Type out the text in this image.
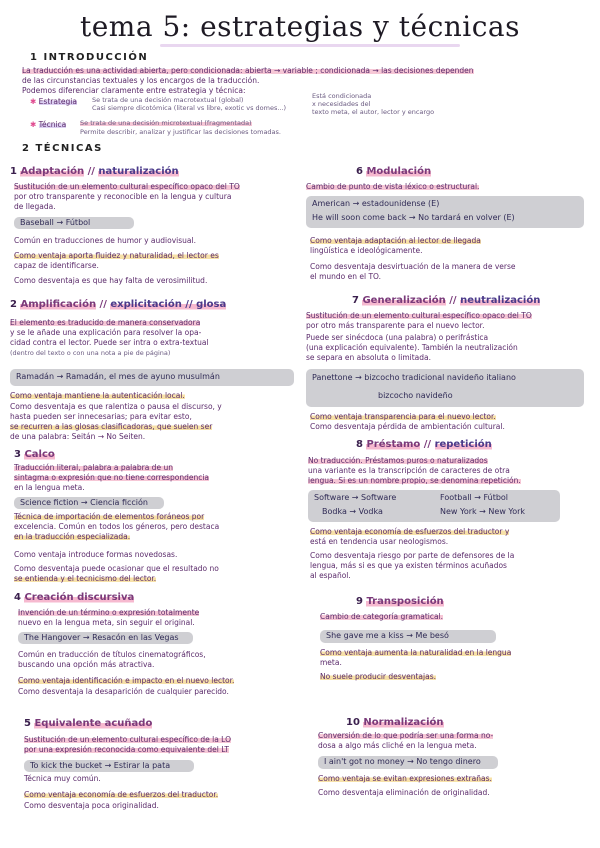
tema 5: estrategias y técnicas
1 INTRODUCCIÓN
La traducción es una actividad abierta, pero condicionada: abierta → variable ; condicionada → las decisiones dependen
de las circunstancias textuales y los encargos de la traducción.
Podemos diferenciar claramente entre estrategia y técnica:
✱ Estrategia Se trata de una decisión macrotextual (global)
Casi siempre dicotómica (literal vs libre, exotic vs domes...)
Está condicionada
x necesidades del
texto meta, el autor, lector y encargo
✱ Técnica Se trata de una decisión microtextual (fragmentada)
Permite describir, analizar y justificar las decisiones tomadas.
2 TÉCNICAS
1 Adaptación // naturalización
Sustitución de un elemento cultural específico opaco del TO
por otro transparente y reconocible en la lengua y cultura
de llegada.
Baseball → Fútbol
Común en traducciones de humor y audiovisual.
Como ventaja aporta fluidez y naturalidad, el lector es
capaz de identificarse.
Como desventaja es que hay falta de verosimilitud.
2 Amplificación // explicitación // glosa
El elemento es traducido de manera conservadora
y se le añade una explicación para resolver la opa-
cidad contra el lector. Puede ser intra o extra-textual
(dentro del texto o con una nota a pie de página)
Ramadán → Ramadán, el mes de ayuno musulmán
Como ventaja mantiene la autenticación local.
Como desventaja es que ralentiza o pausa el discurso, y
hasta pueden ser innecesarias; para evitar esto,
se recurren a las glosas clasificadoras, que suelen ser
de una palabra: Seitán → No Seiten.
3 Calco
Traducción literal, palabra a palabra de un
sintagma o expresión que no tiene correspondencia
en la lengua meta.
Science fiction → Ciencia ficción
Técnica de importación de elementos foráneos por
excelencia. Común en todos los géneros, pero destaca
en la traducción especializada.
Como ventaja introduce formas novedosas.
Como desventaja puede ocasionar que el resultado no
se entienda y el tecnicismo del lector.
4 Creación discursiva
Invención de un término o expresión totalmente
nuevo en la lengua meta, sin seguir el original.
The Hangover → Resacón en las Vegas
Común en traducción de títulos cinematográficos,
buscando una opción más atractiva.
Como ventaja identificación e impacto en el nuevo lector.
Como desventaja la desaparición de cualquier parecido.
5 Equivalente acuñado
Sustitución de un elemento cultural específico de la LO
por una expresión reconocida como equivalente del LT
To kick the bucket → Estirar la pata
Técnica muy común.
Como ventaja economía de esfuerzos del traductor.
Como desventaja poca originalidad.
6 Modulación
Cambio de punto de vista léxico o estructural.
American → estadounidense (E)
He will soon come back → No tardará en volver (E)
Como ventaja adaptación al lector de llegada
lingüística e ideológicamente.
Como desventaja desvirtuación de la manera de verse
el mundo en el TO.
7 Generalización // neutralización
Sustitución de un elemento cultural específico opaco del TO
por otro más transparente para el nuevo lector.
Puede ser sinécdoca (una palabra) o perifrástica
(una explicación equivalente). También la neutralización
se separa en absoluta o limitada.
Panettone → bizcocho tradicional navideño italiano
bizcocho navideño
Como ventaja transparencia para el nuevo lector.
Como desventaja pérdida de ambientación cultural.
8 Préstamo // repetición
No traducción. Préstamos puros o naturalizados
una variante es la transcripción de caracteres de otra
lengua. Si es un nombre propio, se denomina repetición.
Software → Software	Football → Fútbol
Bodka → Vodka	New York → New York
Como ventaja economía de esfuerzos del traductor y
está en tendencia usar neologismos.
Como desventaja riesgo por parte de defensores de la
lengua, más si es que ya existen términos acuñados
al español.
9 Transposición
Cambio de categoría gramatical.
She gave me a kiss → Me besó
Como ventaja aumenta la naturalidad en la lengua
meta.
No suele producir desventajas.
10 Normalización
Conversión de lo que podría ser una forma no-
dosa a algo más cliché en la lengua meta.
I ain't got no money → No tengo dinero
Como ventaja se evitan expresiones extrañas.
Como desventaja eliminación de originalidad.
